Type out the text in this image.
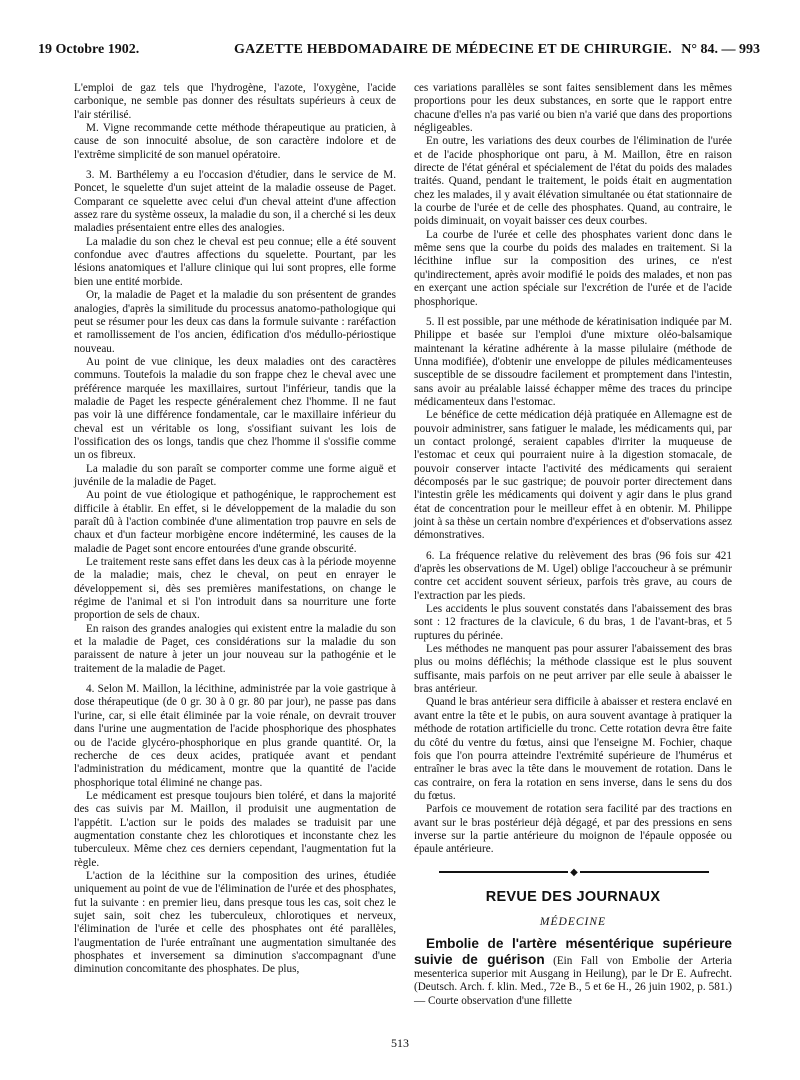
19 Octobre 1902.	GAZETTE HEBDOMADAIRE DE MÉDECINE ET DE CHIRURGIE. N° 84. — 993

L'emploi de gaz tels que l'hydrogène, l'azote, l'oxygène, l'acide carbonique, ne semble pas donner des résultats supérieurs à ceux de l'air stérilisé.

M. Vigne recommande cette méthode thérapeutique au praticien, à cause de son innocuité absolue, de son caractère indolore et de l'extrême simplicité de son manuel opératoire.

3. M. Barthélemy a eu l'occasion d'étudier, dans le service de M. Poncet, le squelette d'un sujet atteint de la maladie osseuse de Paget. Comparant ce squelette avec celui d'un cheval atteint d'une affection assez rare du système osseux, la maladie du son, il a cherché si les deux maladies présentaient entre elles des analogies.

La maladie du son chez le cheval est peu connue; elle a été souvent confondue avec d'autres affections du squelette. Pourtant, par les lésions anatomiques et l'allure clinique qui lui sont propres, elle forme bien une entité morbide.

Or, la maladie de Paget et la maladie du son présentent de grandes analogies, d'après la similitude du processus anatomo-pathologique qui peut se résumer pour les deux cas dans la formule suivante : raréfaction et ramollissement de l'os ancien, édification d'os médullo-périostique nouveau.

Au point de vue clinique, les deux maladies ont des caractères communs. Toutefois la maladie du son frappe chez le cheval avec une préférence marquée les maxillaires, surtout l'inférieur, tandis que la maladie de Paget les respecte généralement chez l'homme. Il ne faut pas voir là une différence fondamentale, car le maxillaire inférieur du cheval est un véritable os long, s'ossifiant suivant les lois de l'ossification des os longs, tandis que chez l'homme il s'ossifie comme un os fibreux.

La maladie du son paraît se comporter comme une forme aiguë et juvénile de la maladie de Paget.

Au point de vue étiologique et pathogénique, le rapprochement est difficile à établir. En effet, si le développement de la maladie du son paraît dû à l'action combinée d'une alimentation trop pauvre en sels de chaux et d'un facteur morbigène encore indéterminé, les causes de la maladie de Paget sont encore entourées d'une grande obscurité.

Le traitement reste sans effet dans les deux cas à la période moyenne de la maladie; mais, chez le cheval, on peut en enrayer le développement si, dès ses premières manifestations, on change le régime de l'animal et si l'on introduit dans sa nourriture une forte proportion de sels de chaux.

En raison des grandes analogies qui existent entre la maladie du son et la maladie de Paget, ces considérations sur la maladie du son paraissent de nature à jeter un jour nouveau sur la pathogénie et le traitement de la maladie de Paget.

4. Selon M. Maillon, la lécithine, administrée par la voie gastrique à dose thérapeutique (de 0 gr. 30 à 0 gr. 80 par jour), ne passe pas dans l'urine, car, si elle était éliminée par la voie rénale, on devrait trouver dans l'urine une augmentation de l'acide phosphorique des phosphates ou de l'acide glycéro-phosphorique en plus grande quantité. Or, la recherche de ces deux acides, pratiquée avant et pendant l'administration du médicament, montre que la quantité de l'acide phosphorique total éliminé ne change pas.

Le médicament est presque toujours bien toléré, et dans la majorité des cas suivis par M. Maillon, il produisit une augmentation de l'appétit. L'action sur le poids des malades se traduisit par une augmentation constante chez les chlorotiques et inconstante chez les tuberculeux. Même chez ces derniers cependant, l'augmentation fut la règle.

L'action de la lécithine sur la composition des urines, étudiée uniquement au point de vue de l'élimination de l'urée et des phosphates, fut la suivante : en premier lieu, dans presque tous les cas, soit chez le sujet sain, soit chez les tuberculeux, chlorotiques et nerveux, l'élimination de l'urée et celle des phosphates ont été parallèles, l'augmentation de l'urée entraînant une augmentation simultanée des phosphates et inversement sa diminution s'accompagnant d'une diminution concomitante des phosphates. De plus,

ces variations parallèles se sont faites sensiblement dans les mêmes proportions pour les deux substances, en sorte que le rapport entre chacune d'elles n'a pas varié ou bien n'a varié que dans des proportions négligeables.

En outre, les variations des deux courbes de l'élimination de l'urée et de l'acide phosphorique ont paru, à M. Maillon, être en raison directe de l'état général et spécialement de l'état du poids des malades traités. Quand, pendant le traitement, le poids était en augmentation chez les malades, il y avait élévation simultanée ou état stationnaire de la courbe de l'urée et de celle des phosphates. Quand, au contraire, le poids diminuait, on voyait baisser ces deux courbes.

La courbe de l'urée et celle des phosphates varient donc dans le même sens que la courbe du poids des malades en traitement. Si la lécithine influe sur la composition des urines, ce n'est qu'indirectement, après avoir modifié le poids des malades, et non pas en exerçant une action spéciale sur l'excrétion de l'urée et de l'acide phosphorique.

5. Il est possible, par une méthode de kératinisation indiquée par M. Philippe et basée sur l'emploi d'une mixture oléo-balsamique maintenant la kératine adhérente à la masse pilulaire (méthode de Unna modifiée), d'obtenir une enveloppe de pilules médicamenteuses susceptible de se dissoudre facilement et promptement dans l'intestin, sans avoir au préalable laissé échapper même des traces du principe médicamenteux dans l'estomac.

Le bénéfice de cette médication déjà pratiquée en Allemagne est de pouvoir administrer, sans fatiguer le malade, les médicaments qui, par un contact prolongé, seraient capables d'irriter la muqueuse de l'estomac et ceux qui pourraient nuire à la digestion stomacale, de pouvoir conserver intacte l'activité des médicaments qui seraient décomposés par le suc gastrique; de pouvoir porter directement dans l'intestin grêle les médicaments qui doivent y agir dans le plus grand état de concentration pour le meilleur effet à en obtenir. M. Philippe joint à sa thèse un certain nombre d'expériences et d'observations assez démonstratives.

6. La fréquence relative du relèvement des bras (96 fois sur 421 d'après les observations de M. Ugel) oblige l'accoucheur à se prémunir contre cet accident souvent sérieux, parfois très grave, au cours de l'extraction par les pieds.

Les accidents le plus souvent constatés dans l'abaissement des bras sont : 12 fractures de la clavicule, 6 du bras, 1 de l'avant-bras, et 5 ruptures du périnée.

Les méthodes ne manquent pas pour assurer l'abaissement des bras plus ou moins défléchis; la méthode classique est le plus souvent suffisante, mais parfois on ne peut arriver par elle seule à abaisser le bras antérieur.

Quand le bras antérieur sera difficile à abaisser et restera enclavé en avant entre la tête et le pubis, on aura souvent avantage à pratiquer la méthode de rotation artificielle du tronc. Cette rotation devra être faite du côté du ventre du fœtus, ainsi que l'enseigne M. Fochier, chaque fois que l'on pourra atteindre l'extrémité supérieure de l'humérus et entraîner le bras avec la tête dans le mouvement de rotation. Dans le cas contraire, on fera la rotation en sens inverse, dans le sens du dos du fœtus.

Parfois ce mouvement de rotation sera facilité par des tractions en avant sur le bras postérieur déjà dégagé, et par des pressions en sens inverse sur la partie antérieure du moignon de l'épaule opposée ou épaule antérieure.

◆
REVUE DES JOURNAUX
MÉDECINE

Embolie de l'artère mésentérique supérieure suivie de guérison (Ein Fall von Embolie der Arteria mesenterica superior mit Ausgang in Heilung), par le Dr E. Aufrecht. (Deutsch. Arch. f. klin. Med., 72e B., 5 et 6e H., 26 juin 1902, p. 581.) — Courte observation d'une fillette

513
